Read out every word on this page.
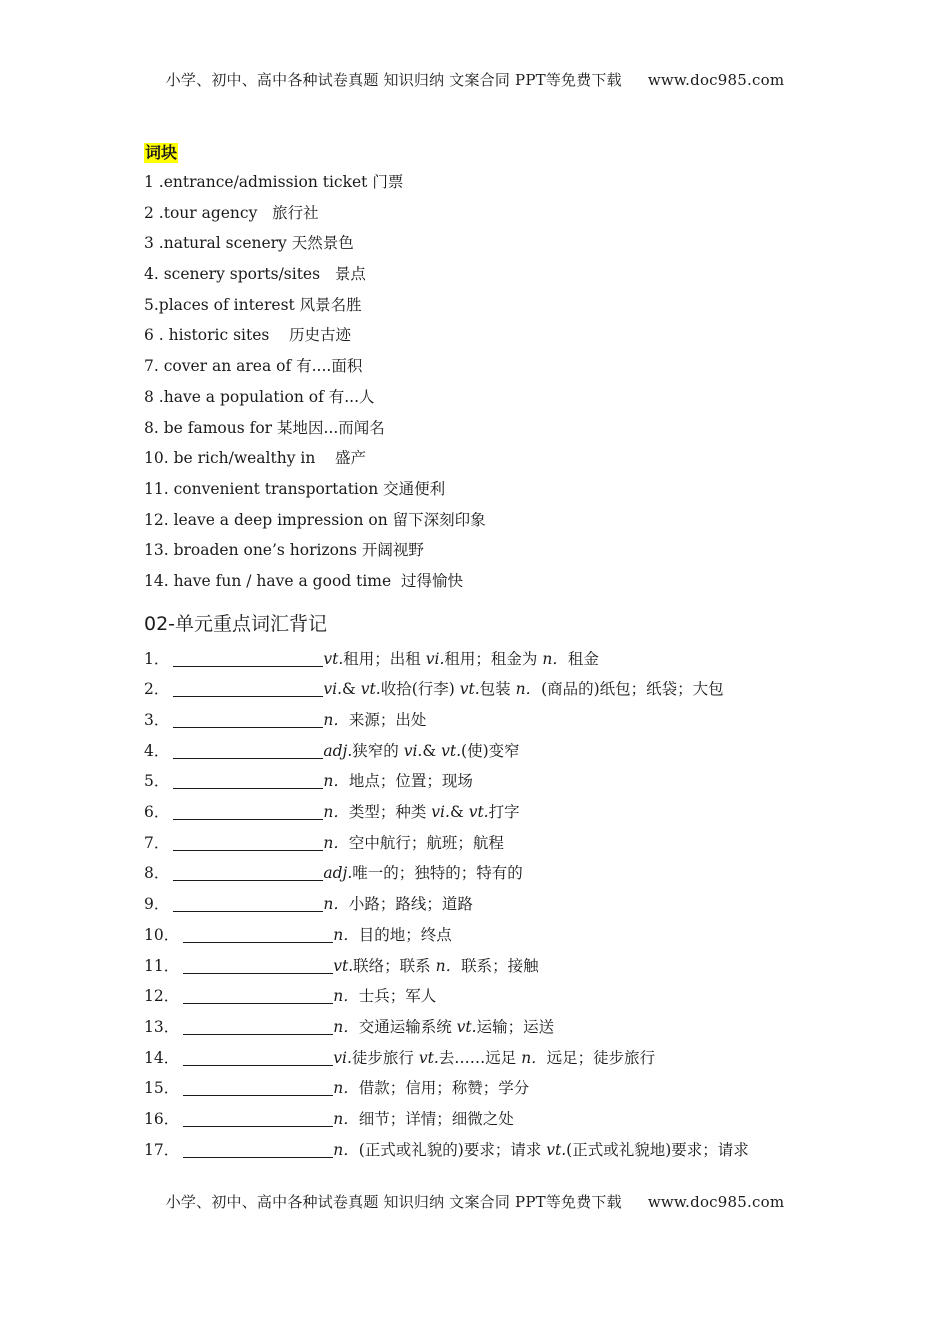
小学、初中、高中各种试卷真题 知识归纳 文案合同 PPT等免费下载 www.doc985.com
词块
1 .entrance/admission ticket 门票
2 .tour agency   旅行社
3 .natural scenery 天然景色
4. scenery sports/sites   景点
5.places of interest 风景名胜
6 . historic sites    历史古迹
7. cover an area of 有....面积
8 .have a population of 有...人
8. be famous for 某地因...而闻名
10. be rich/wealthy in    盛产
11. convenient transportation 交通便利
12. leave a deep impression on 留下深刻印象
13. broaden one’s horizons 开阔视野
14. have fun / have a good time  过得愉快
02-单元重点词汇背记
1．	vt.租用；出租 vi.租用；租金为 n．租金
2．	vi.& vt.收拾(行李) vt.包装 n．(商品的)纸包；纸袋；大包
3．	n．来源；出处
4．	adj.狭窄的 vi.& vt.(使)变窄
5．	n．地点；位置；现场
6．	n．类型；种类 vi.& vt.打字
7．	n．空中航行；航班；航程
8．	adj.唯一的；独特的；特有的
9．	n．小路；路线；道路
10．	n．目的地；终点
11．	vt.联络；联系 n．联系；接触
12．	n．士兵；军人
13．	n．交通运输系统 vt.运输；运送
14．	vi.徒步旅行 vt.去……远足 n．远足；徒步旅行
15．	n．借款；信用；称赞；学分
16．	n．细节；详情；细微之处
17．	n．(正式或礼貌的)要求；请求 vt.(正式或礼貌地)要求；请求
小学、初中、高中各种试卷真题 知识归纳 文案合同 PPT等免费下载 www.doc985.com
